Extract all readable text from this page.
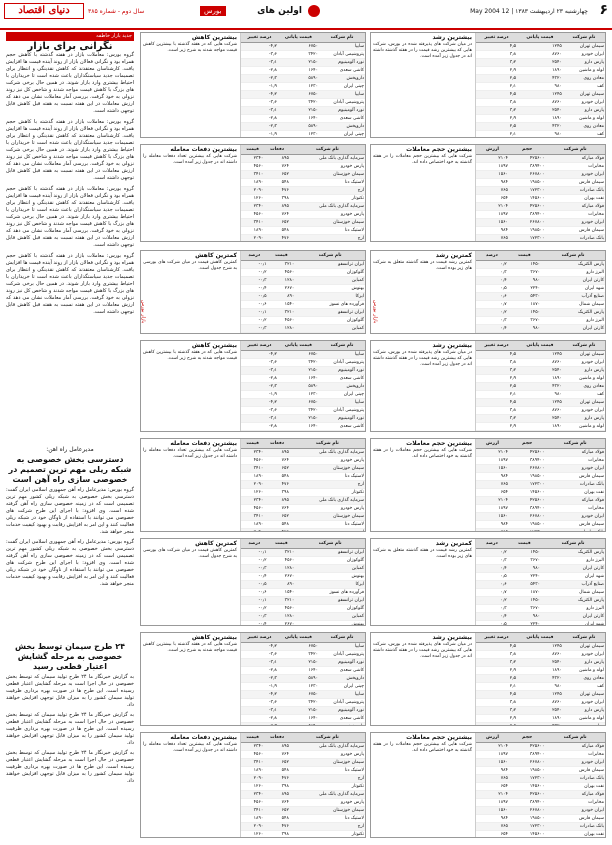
۶
چهارشنبه ۲۳ اردیبهشت ۱۳۸۳ | 12 May 2004
اولین های
بورس
دنیای اقتصاد	سال دوم - شماره ۳۸۵
جدید بازار خاطفه
نگرانی برای بازار
گروه بورس: معاملات بازار در هفته گذشته با کاهش حجم همراه بود و نگرانی فعالان بازار از روند آینده قیمت ها افزایش یافت. کارشناسان معتقدند که کاهش نقدینگی و انتظار برای تصمیمات جدید سیاستگذاران باعث شده است تا خریداران با احتیاط بیشتری وارد بازار شوند. در همین حال برخی شرکت های بزرگ با کاهش قیمت مواجه شدند و شاخص کل نیز روند نزولی به خود گرفت. بررسی آمار معاملات نشان می دهد که ارزش معاملات در این هفته نسبت به هفته قبل کاهش قابل توجهی داشته است.
گروه بورس: معاملات بازار در هفته گذشته با کاهش حجم همراه بود و نگرانی فعالان بازار از روند آینده قیمت ها افزایش یافت. کارشناسان معتقدند که کاهش نقدینگی و انتظار برای تصمیمات جدید سیاستگذاران باعث شده است تا خریداران با احتیاط بیشتری وارد بازار شوند. در همین حال برخی شرکت های بزرگ با کاهش قیمت مواجه شدند و شاخص کل نیز روند نزولی به خود گرفت. بررسی آمار معاملات نشان می دهد که ارزش معاملات در این هفته نسبت به هفته قبل کاهش قابل توجهی داشته است.
گروه بورس: معاملات بازار در هفته گذشته با کاهش حجم همراه بود و نگرانی فعالان بازار از روند آینده قیمت ها افزایش یافت. کارشناسان معتقدند که کاهش نقدینگی و انتظار برای تصمیمات جدید سیاستگذاران باعث شده است تا خریداران با احتیاط بیشتری وارد بازار شوند. در همین حال برخی شرکت های بزرگ با کاهش قیمت مواجه شدند و شاخص کل نیز روند نزولی به خود گرفت. بررسی آمار معاملات نشان می دهد که ارزش معاملات در این هفته نسبت به هفته قبل کاهش قابل توجهی داشته است.
گروه بورس: معاملات بازار در هفته گذشته با کاهش حجم همراه بود و نگرانی فعالان بازار از روند آینده قیمت ها افزایش یافت. کارشناسان معتقدند که کاهش نقدینگی و انتظار برای تصمیمات جدید سیاستگذاران باعث شده است تا خریداران با احتیاط بیشتری وارد بازار شوند. در همین حال برخی شرکت های بزرگ با کاهش قیمت مواجه شدند و شاخص کل نیز روند نزولی به خود گرفت. بررسی آمار معاملات نشان می دهد که ارزش معاملات در این هفته نسبت به هفته قبل کاهش قابل توجهی داشته است.
مدیرعامل راه آهن:
دسترسی بخش خصوصی به شبکه ریلی مهم ترین تصمیم در خصوصی سازی راه آهن است
گروه بورس: مدیرعامل راه آهن جمهوری اسلامی ایران گفت: دسترسی بخش خصوصی به شبکه ریلی کشور مهم ترین تصمیمی است که در زمینه خصوصی سازی راه آهن گرفته شده است. وی افزود: با اجرای این طرح شرکت های خصوصی می توانند با استفاده از ناوگان خود در شبکه ریلی فعالیت کنند و این امر به افزایش رقابت و بهبود کیفیت خدمات منجر خواهد شد.
گروه بورس: مدیرعامل راه آهن جمهوری اسلامی ایران گفت: دسترسی بخش خصوصی به شبکه ریلی کشور مهم ترین تصمیمی است که در زمینه خصوصی سازی راه آهن گرفته شده است. وی افزود: با اجرای این طرح شرکت های خصوصی می توانند با استفاده از ناوگان خود در شبکه ریلی فعالیت کنند و این امر به افزایش رقابت و بهبود کیفیت خدمات منجر خواهد شد.
۲۴ طرح سیمان توسط بخش خصوصی به مرحله گشایش اعتبار قطعی رسید
به گزارش خبرنگار ما ۲۴ طرح تولید سیمان که توسط بخش خصوصی در حال اجرا است به مرحله گشایش اعتبار قطعی رسیده است. این طرح ها در صورت بهره برداری ظرفیت تولید سیمان کشور را به میزان قابل توجهی افزایش خواهند داد.
به گزارش خبرنگار ما ۲۴ طرح تولید سیمان که توسط بخش خصوصی در حال اجرا است به مرحله گشایش اعتبار قطعی رسیده است. این طرح ها در صورت بهره برداری ظرفیت تولید سیمان کشور را به میزان قابل توجهی افزایش خواهند داد.
به گزارش خبرنگار ما ۲۴ طرح تولید سیمان که توسط بخش خصوصی در حال اجرا است به مرحله گشایش اعتبار قطعی رسیده است. این طرح ها در صورت بهره برداری ظرفیت تولید سیمان کشور را به میزان قابل توجهی افزایش خواهند داد.
نام شرکت	قیمت پایانی	درصد تغییر
سیمان تهران	۱۲۴۵	۴٫۵
ایران خودرو	۸۷۶۰	۳٫۸
پارس دارو	۲۵۴۰	۳٫۲
لوله و ماشین	۱۸۹۰	۲٫۹
معادن روی	۴۳۲۰	۲٫۵
کف	۹۸۰	۲٫۱
سیمان تهران	۱۲۴۵	۴٫۵
ایران خودرو	۸۷۶۰	۳٫۸
پارس دارو	۲۵۴۰	۳٫۲
لوله و ماشین	۱۸۹۰	۲٫۹
معادن روی	۴۳۲۰	۲٫۵
کف	۹۸۰	۲٫۱
بیشترین رشد
در میان شرکت های پذیرفته شده در بورس، شرکت هایی که بیشترین رشد قیمت را در هفته گذشته داشته اند در جدول زیر آمده است.
نام شرکت	قیمت پایانی	درصد تغییر
سایپا	۶۷۵۰	۴٫۲-
پتروشیمی آبادان	۳۴۲۰	۳٫۶-
نورد آلومینیوم	۲۱۵۰	۳٫۱-
کاشی سعدی	۱۶۴۰	۲٫۸-
داروپخش	۵۸۹۰	۲٫۳-
چینی ایران	۱۲۳۰	۱٫۹-
سایپا	۶۷۵۰	۴٫۲-
پتروشیمی آبادان	۳۴۲۰	۳٫۶-
نورد آلومینیوم	۲۱۵۰	۳٫۱-
کاشی سعدی	۱۶۴۰	۲٫۸-
داروپخش	۵۸۹۰	۲٫۳-
چینی ایران	۱۲۳۰	۱٫۹-
بیشترین کاهش
شرکت هایی که در هفته گذشته با بیشترین کاهش قیمت مواجه شدند به شرح زیر است.
نام شرکت	حجم	ارزش
فولاد مبارکه	۴۲۵۶۰۰	۲۱۰۴
مخابرات	۳۸۹۴۰۰	۱۸۹۷
ایران خودرو	۲۶۷۸۰۰	۱۵۶۰
سیمان فارس	۱۹۸۵۰۰	۹۸۴
بانک صادرات	۱۷۲۳۰۰	۷۶۵
نفت بهران	۱۴۵۶۰۰	۶۵۴
فولاد مبارکه	۴۲۵۶۰۰	۲۱۰۴
مخابرات	۳۸۹۴۰۰	۱۸۹۷
ایران خودرو	۲۶۷۸۰۰	۱۵۶۰
سیمان فارس	۱۹۸۵۰۰	۹۸۴
بانک صادرات	۱۷۲۳۰۰	۷۶۵

بیشترین حجم معاملات
شرکت هایی که بیشترین حجم معاملات را در هفته گذشته به خود اختصاص داده اند.
نام شرکت	دفعات	قیمت
سرمایه گذاری بانک ملی	۸۹۵	۲۳۴۰
پارس خودرو	۷۶۴	۴۵۶۰
سیمان خوزستان	۶۵۲	۳۴۱۰
لاستیک دنا	۵۴۸	۱۸۹۰
ارج	۴۷۶	۲۰۹۰
تکنوتار	۳۹۸	۱۲۶۰
سرمایه گذاری بانک ملی	۸۹۵	۲۳۴۰
پارس خودرو	۷۶۴	۴۵۶۰
سیمان خوزستان	۶۵۲	۳۴۱۰
لاستیک دنا	۵۴۸	۱۸۹۰
ارج	۴۷۶	۲۰۹۰

بیشترین دفعات معامله
شرکت هایی که بیشترین تعداد دفعات معامله را داشته اند در جدول زیر آمده است.
نام شرکت	قیمت	درصد
پارس الکتریک	۱۴۵۰	۰٫۲
البرز دارو	۳۶۷۰	۰٫۳
کارتن ایران	۹۸۰	۰٫۴
شهد ایران	۲۲۴۰	۰٫۵
صنایع آذرآب	۵۴۳۰	۰٫۶
سیمان شمال	۱۸۷۰	۰٫۷
پارس الکتریک	۱۴۵۰	۰٫۲
البرز دارو	۳۶۷۰	۰٫۳
کارتن ایران	۹۸۰	۰٫۴

کمترین رشد
کمترین رشد قیمت در هفته گذشته متعلق به شرکت های زیر بوده است.
نام شرکت	قیمت	درصد
ایران ترانسفو	۳۲۱۰	۰٫۱-
گلوکوزان	۴۵۶۰	۰٫۲-
کمباین	۱۲۸۰	۰٫۳-
بهنوش	۲۶۷۰	۰٫۴-
ایرکا	۸۹۰	۰٫۵-
فرآورده های نسوز	۱۵۴۰	۰٫۶-
ایران ترانسفو	۳۲۱۰	۰٫۱-
گلوکوزان	۴۵۶۰	۰٫۲-
کمباین	۱۲۸۰	۰٫۳-

کمترین کاهش
کمترین کاهش قیمت در میان شرکت های بورسی به شرح جدول است.
نام شرکت	قیمت پایانی	درصد تغییر
سیمان تهران	۱۲۴۵	۴٫۵
ایران خودرو	۸۷۶۰	۳٫۸
پارس دارو	۲۵۴۰	۳٫۲
لوله و ماشین	۱۸۹۰	۲٫۹
معادن روی	۴۳۲۰	۲٫۵
کف	۹۸۰	۲٫۱
سیمان تهران	۱۲۴۵	۴٫۵
ایران خودرو	۸۷۶۰	۳٫۸
پارس دارو	۲۵۴۰	۳٫۲
لوله و ماشین	۱۸۹۰	۲٫۹

بیشترین رشد
در میان شرکت های پذیرفته شده در بورس، شرکت هایی که بیشترین رشد قیمت را در هفته گذشته داشته اند در جدول زیر آمده است.
نام شرکت	قیمت پایانی	درصد تغییر
سایپا	۶۷۵۰	۴٫۲-
پتروشیمی آبادان	۳۴۲۰	۳٫۶-
نورد آلومینیوم	۲۱۵۰	۳٫۱-
کاشی سعدی	۱۶۴۰	۲٫۸-
داروپخش	۵۸۹۰	۲٫۳-
چینی ایران	۱۲۳۰	۱٫۹-
سایپا	۶۷۵۰	۴٫۲-
پتروشیمی آبادان	۳۴۲۰	۳٫۶-
نورد آلومینیوم	۲۱۵۰	۳٫۱-
کاشی سعدی	۱۶۴۰	۲٫۸-

بیشترین کاهش
شرکت هایی که در هفته گذشته با بیشترین کاهش قیمت مواجه شدند به شرح زیر است.
نام شرکت	حجم	ارزش
فولاد مبارکه	۴۲۵۶۰۰	۲۱۰۴
مخابرات	۳۸۹۴۰۰	۱۸۹۷
ایران خودرو	۲۶۷۸۰۰	۱۵۶۰
سیمان فارس	۱۹۸۵۰۰	۹۸۴
بانک صادرات	۱۷۲۳۰۰	۷۶۵
نفت بهران	۱۴۵۶۰۰	۶۵۴
فولاد مبارکه	۴۲۵۶۰۰	۲۱۰۴
مخابرات	۳۸۹۴۰۰	۱۸۹۷
ایران خودرو	۲۶۷۸۰۰	۱۵۶۰
سیمان فارس	۱۹۸۵۰۰	۹۸۴

بیشترین حجم معاملات
شرکت هایی که بیشترین حجم معاملات را در هفته گذشته به خود اختصاص داده اند.
نام شرکت	دفعات	قیمت
سرمایه گذاری بانک ملی	۸۹۵	۲۳۴۰
پارس خودرو	۷۶۴	۴۵۶۰
سیمان خوزستان	۶۵۲	۳۴۱۰
لاستیک دنا	۵۴۸	۱۸۹۰
ارج	۴۷۶	۲۰۹۰
تکنوتار	۳۹۸	۱۲۶۰
سرمایه گذاری بانک ملی	۸۹۵	۲۳۴۰
پارس خودرو	۷۶۴	۴۵۶۰
سیمان خوزستان	۶۵۲	۳۴۱۰
لاستیک دنا	۵۴۸	۱۸۹۰

بیشترین دفعات معامله
شرکت هایی که بیشترین تعداد دفعات معامله را داشته اند در جدول زیر آمده است.
نام شرکت	قیمت	درصد
پارس الکتریک	۱۴۵۰	۰٫۲
البرز دارو	۳۶۷۰	۰٫۳
کارتن ایران	۹۸۰	۰٫۴
شهد ایران	۲۲۴۰	۰٫۵
صنایع آذرآب	۵۴۳۰	۰٫۶
سیمان شمال	۱۸۷۰	۰٫۷
پارس الکتریک	۱۴۵۰	۰٫۲
البرز دارو	۳۶۷۰	۰٫۳
کارتن ایران	۹۸۰	۰٫۴
شهد ایران	۲۲۴۰	۰٫۵

کمترین رشد
کمترین رشد قیمت در هفته گذشته متعلق به شرکت های زیر بوده است.
نام شرکت	قیمت	درصد
ایران ترانسفو	۳۲۱۰	۰٫۱-
گلوکوزان	۴۵۶۰	۰٫۲-
کمباین	۱۲۸۰	۰٫۳-
بهنوش	۲۶۷۰	۰٫۴-
ایرکا	۸۹۰	۰٫۵-
فرآورده های نسوز	۱۵۴۰	۰٫۶-
ایران ترانسفو	۳۲۱۰	۰٫۱-
گلوکوزان	۴۵۶۰	۰٫۲-
کمباین	۱۲۸۰	۰٫۳-
بهنوش	۲۶۷۰	۰٫۴-

کمترین کاهش
کمترین کاهش قیمت در میان شرکت های بورسی به شرح جدول است.
نام شرکت	قیمت پایانی	درصد تغییر
سیمان تهران	۱۲۴۵	۴٫۵
ایران خودرو	۸۷۶۰	۳٫۸
پارس دارو	۲۵۴۰	۳٫۲
لوله و ماشین	۱۸۹۰	۲٫۹
معادن روی	۴۳۲۰	۲٫۵
کف	۹۸۰	۲٫۱
سیمان تهران	۱۲۴۵	۴٫۵
ایران خودرو	۸۷۶۰	۳٫۸
پارس دارو	۲۵۴۰	۳٫۲
لوله و ماشین	۱۸۹۰	۲٫۹

بیشترین رشد
در میان شرکت های پذیرفته شده در بورس، شرکت هایی که بیشترین رشد قیمت را در هفته گذشته داشته اند در جدول زیر آمده است.
نام شرکت	قیمت پایانی	درصد تغییر
سایپا	۶۷۵۰	۴٫۲-
پتروشیمی آبادان	۳۴۲۰	۳٫۶-
نورد آلومینیوم	۲۱۵۰	۳٫۱-
کاشی سعدی	۱۶۴۰	۲٫۸-
داروپخش	۵۸۹۰	۲٫۳-
چینی ایران	۱۲۳۰	۱٫۹-
سایپا	۶۷۵۰	۴٫۲-
پتروشیمی آبادان	۳۴۲۰	۳٫۶-
نورد آلومینیوم	۲۱۵۰	۳٫۱-
کاشی سعدی	۱۶۴۰	۲٫۸-

بیشترین کاهش
شرکت هایی که در هفته گذشته با بیشترین کاهش قیمت مواجه شدند به شرح زیر است.
نام شرکت	حجم	ارزش
فولاد مبارکه	۴۲۵۶۰۰	۲۱۰۴
مخابرات	۳۸۹۴۰۰	۱۸۹۷
ایران خودرو	۲۶۷۸۰۰	۱۵۶۰
سیمان فارس	۱۹۸۵۰۰	۹۸۴
بانک صادرات	۱۷۲۳۰۰	۷۶۵
نفت بهران	۱۴۵۶۰۰	۶۵۴
فولاد مبارکه	۴۲۵۶۰۰	۲۱۰۴
مخابرات	۳۸۹۴۰۰	۱۸۹۷
ایران خودرو	۲۶۷۸۰۰	۱۵۶۰
سیمان فارس	۱۹۸۵۰۰	۹۸۴
بانک صادرات	۱۷۲۳۰۰	۷۶۵
نفت بهران	۱۴۵۶۰۰	۶۵۴
بیشترین حجم معاملات
شرکت هایی که بیشترین حجم معاملات را در هفته گذشته به خود اختصاص داده اند.
نام شرکت	دفعات	قیمت
سرمایه گذاری بانک ملی	۸۹۵	۲۳۴۰
پارس خودرو	۷۶۴	۴۵۶۰
سیمان خوزستان	۶۵۲	۳۴۱۰
لاستیک دنا	۵۴۸	۱۸۹۰
ارج	۴۷۶	۲۰۹۰
تکنوتار	۳۹۸	۱۲۶۰
سرمایه گذاری بانک ملی	۸۹۵	۲۳۴۰
پارس خودرو	۷۶۴	۴۵۶۰
سیمان خوزستان	۶۵۲	۳۴۱۰
لاستیک دنا	۵۴۸	۱۸۹۰
ارج	۴۷۶	۲۰۹۰
تکنوتار	۳۹۸	۱۲۶۰
بیشترین دفعات معامله
شرکت هایی که بیشترین تعداد دفعات معامله را داشته اند در جدول زیر آمده است.
بازار بورس	بازار بورس
